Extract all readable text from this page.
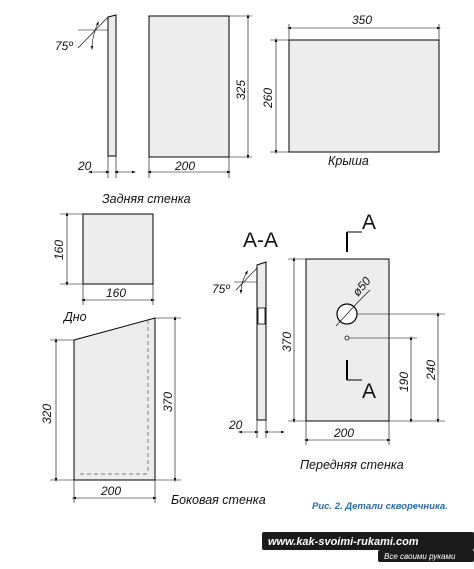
20
75º
325
200
Задняя стенка
350
260
Крыша
160
160
Дно
320
370
200
Боковая стенка
А-А
75º
20
А
А
ø50
370
240
190
200
Передняя стенка
Рис. 2. Детали скворечника.
www.kak-svoimi-rukami.com
Все своими руками
